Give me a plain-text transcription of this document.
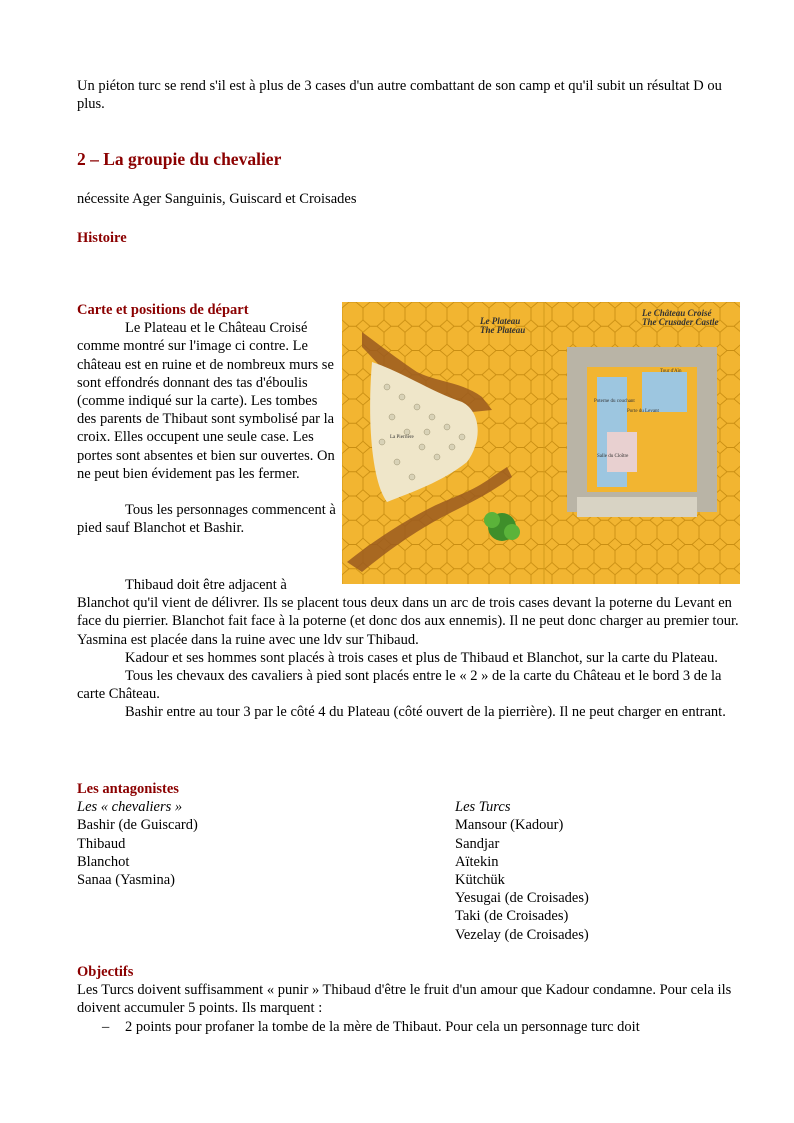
Un piéton turc se rend s'il est à plus de 3 cases d'un autre combattant de son camp et qu'il subit un résultat D ou plus.

2 – La groupie du chevalier

nécessite Ager Sanguinis, Guiscard et Croisades

Histoire
Carte et positions de départ

Le Plateau et le Château Croisé comme montré sur l'image ci contre. Le château est en ruine et de nombreux murs se sont effondrés donnant des tas d'éboulis (comme indiqué sur la carte). Les tombes des parents de Thibaut sont symbolisé par la croix. Elles occupent une seule case. Les portes sont absentes et bien sur ouvertes. On ne peut bien évidement pas les fermer.

Tous les personnages commencent à pied sauf Blanchot et Bashir.

Thibaud doit être adjacent à Blanchot qu'il vient de délivrer. Ils se placent tous deux dans un arc de trois cases devant la poterne du Levant en face du pierrier. Blanchot fait face à la poterne (et donc dos aux ennemis). Il ne peut donc charger au premier tour. Yasmina est placée dans la ruine avec une ldv sur Thibaud.

Kadour et ses hommes sont placés à trois cases et plus de Thibaud et Blanchot, sur la carte du Plateau.

Tous les chevaux des cavaliers à pied sont placés entre le « 2 » de la carte du Château et le bord 3 de la carte Château.

Bashir entre au tour 3 par le côté 4 du Plateau (côté ouvert de la pierrière). Il ne peut charger en entrant.

Les antagonistes
Les « chevaliers »
Bashir (de Guiscard)
Thibaud
Blanchot
Sanaa (Yasmina)
Les Turcs
Mansour (Kadour)
Sandjar
Aïtekin
Kütchük
Yesugai (de Croisades)
Taki (de Croisades)
Vezelay (de Croisades)
Objectifs

Les Turcs doivent suffisamment « punir » Thibaud d'être le fruit d'un amour que Kadour condamne. Pour cela ils doivent accumuler 5 points. Ils marquent :

– 2 points pour profaner la tombe de la mère de Thibaut. Pour cela un personnage turc doit
Le Plateau
The Plateau
Le Château Croisé
The Crusader Castle
La Pierrière
Tour d'Aïn
Poterne du couchant
Porte du Levant
Salle du Cloître
